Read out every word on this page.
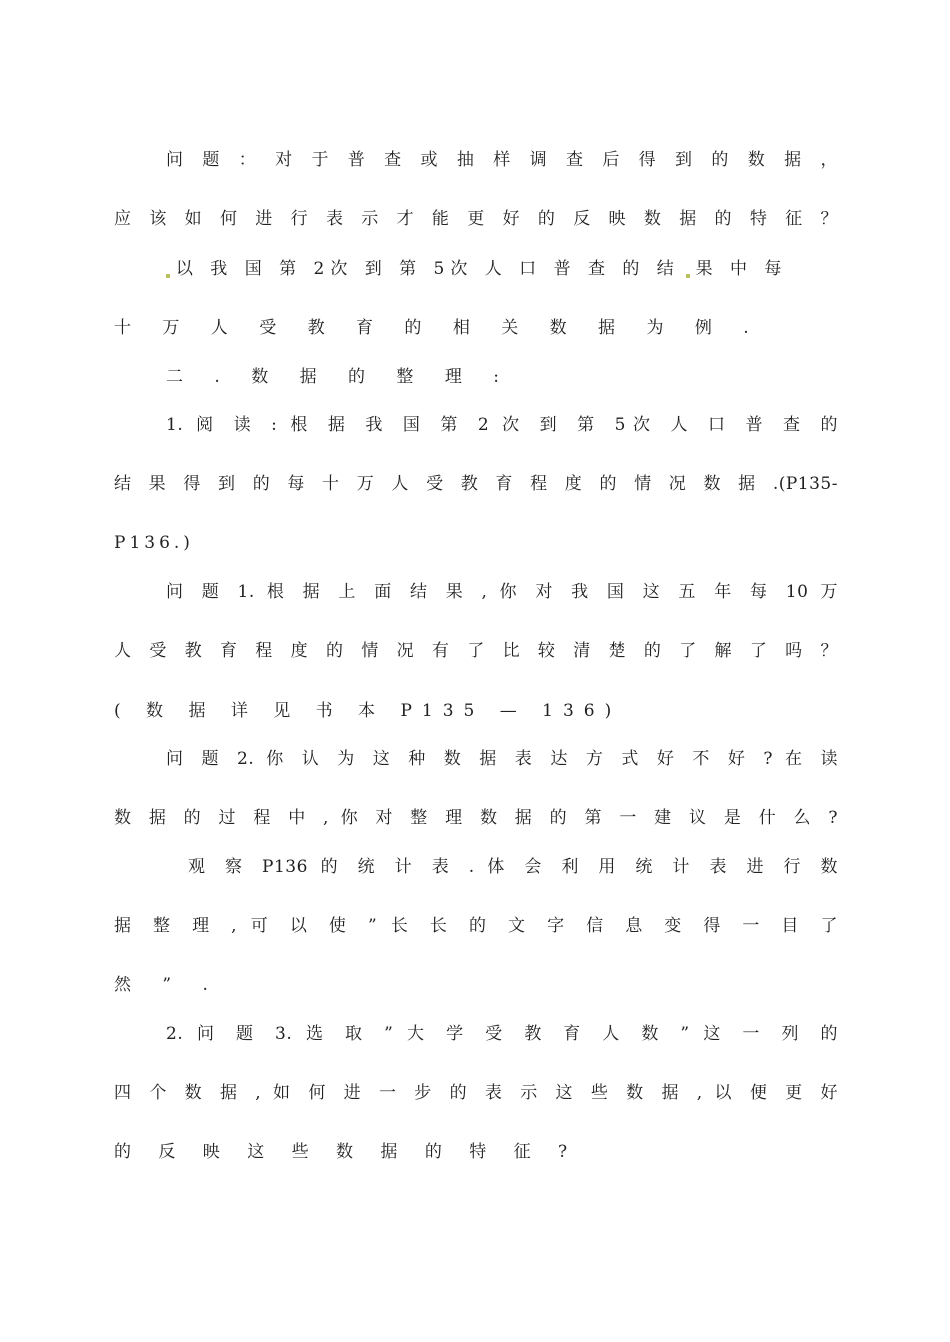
问 题 ： 对 于 普 查 或 抽 样 调 查 后 得 到 的 数 据 ，
应 该 如 何 进 行 表 示 才 能 更 好 的 反 映 数 据 的 特 征 ？
以 我 国 第 2次 到 第 5次 人 口 普 查 的 结 果 中 每
十 万 人 受 教 育 的 相 关 数 据 为 例 .
二 . 数 据 的 整 理 :
1. 阅 读 : 根 据 我 国 第 2 次 到 第 5次 人 口 普 查 的
结 果 得 到 的 每 十 万 人 受 教 育 程 度 的 情 况 数 据 .(P135-
P136.)
问 题 1. 根 据 上 面 结 果 , 你 对 我 国 这 五 年 每 10 万
人 受 教 育 程 度 的 情 况 有 了 比 较 清 楚 的 了 解 了 吗 ？
( 数 据 详 见 书 本 P135 — 136)
问 题 2. 你 认 为 这 种 数 据 表 达 方 式 好 不 好 ? 在 读
数 据 的 过 程 中 , 你 对 整 理 数 据 的 第 一 建 议 是 什 么 ?
观 察 P136 的 统 计 表 . 体 会 利 用 统 计 表 进 行 数
据 整 理 , 可 以 使 ” 长 长 的 文 字 信 息 变 得 一 目 了
然 ” .
2. 问 题 3. 选 取 ” 大 学 受 教 育 人 数 ” 这 一 列 的
四 个 数 据 , 如 何 进 一 步 的 表 示 这 些 数 据 , 以 便 更 好
的 反 映 这 些 数 据 的 特 征 ?
